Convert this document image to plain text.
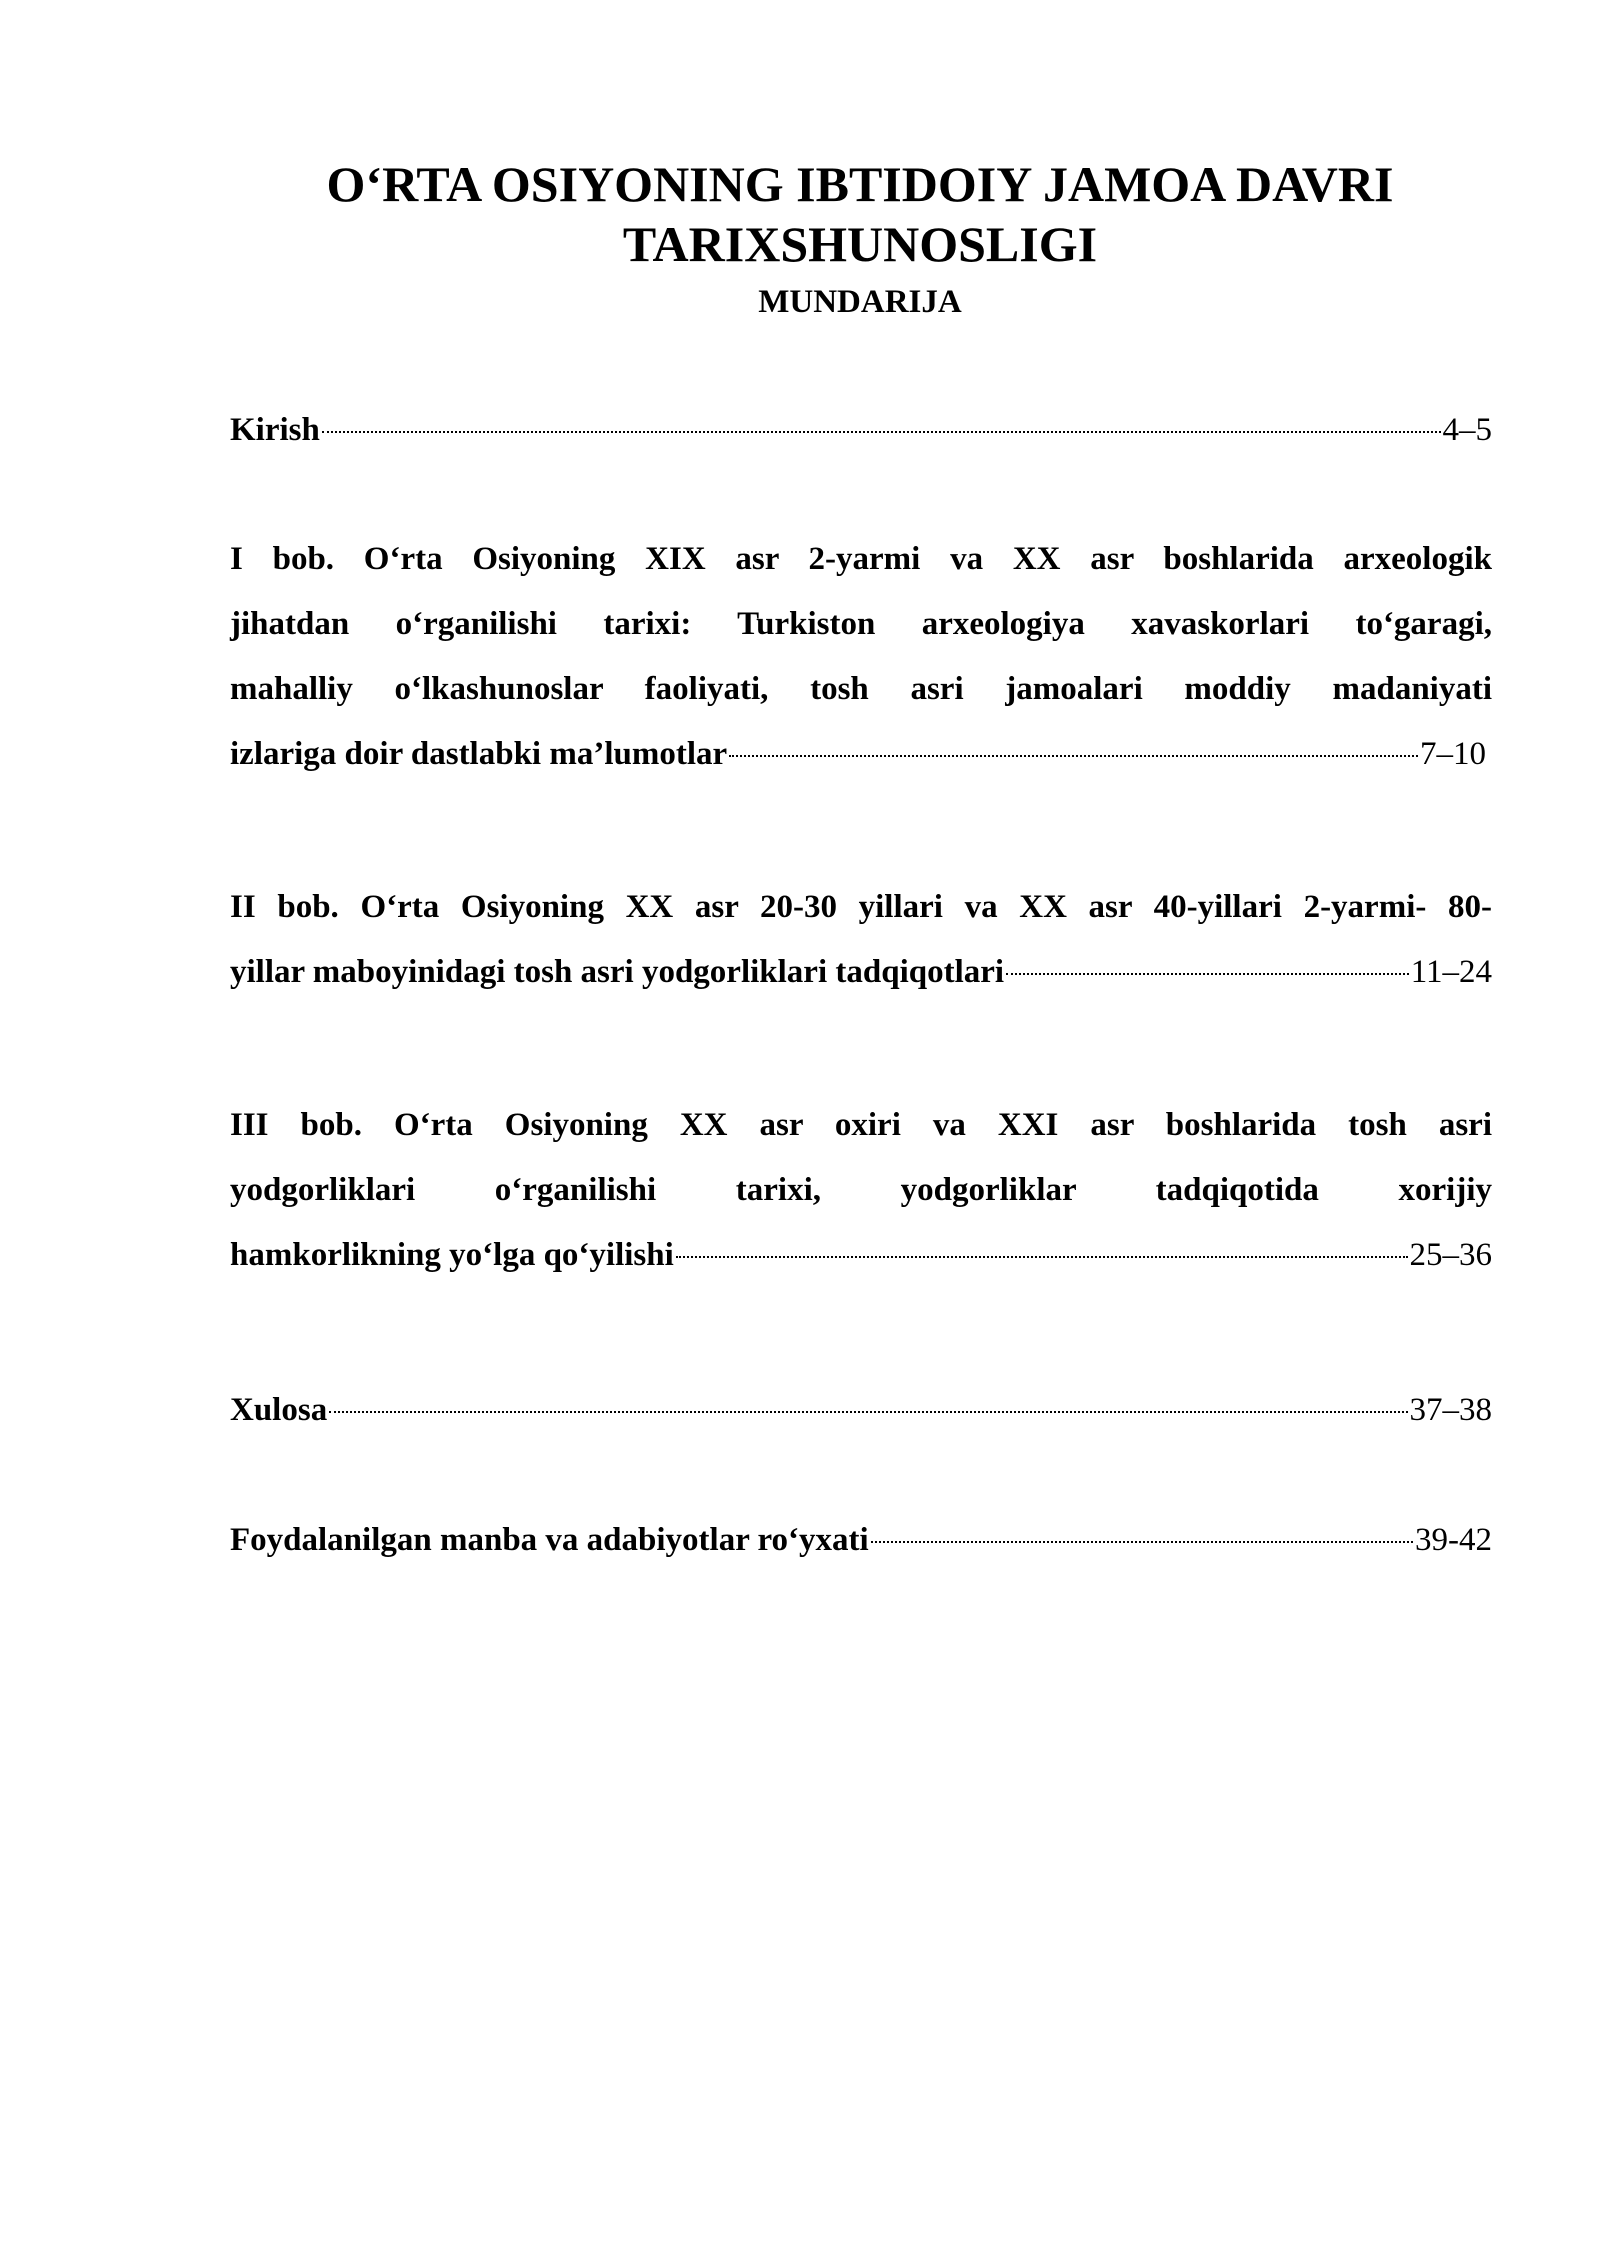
O‘RTA OSIYONING IBTIDOIY JAMOA DAVRI TARIXSHUNOSLIGI
MUNDARIJA
Kirish	4–5
I bob. O‘rta Osiyoning XIX asr 2-yarmi va XX asr boshlarida arxeologik
jihatdan o‘rganilishi tarixi: Turkiston arxeologiya xavaskorlari to‘garagi,
mahalliy o‘lkashunoslar faoliyati, tosh asri jamoalari moddiy madaniyati
izlariga doir dastlabki ma’lumotlar	7–10
II bob. O‘rta Osiyoning XX asr 20-30 yillari va XX asr 40-yillari 2-yarmi- 80-
yillar maboyinidagi tosh asri yodgorliklari tadqiqotlari	11–24
III bob. O‘rta Osiyoning XX asr oxiri va XXI asr boshlarida tosh asri
yodgorliklari o‘rganilishi tarixi, yodgorliklar tadqiqotida xorijiy
hamkorlikning yo‘lga qo‘yilishi	25–36
Xulosa	37–38
Foydalanilgan manba va adabiyotlar ro‘yxati	39-42
